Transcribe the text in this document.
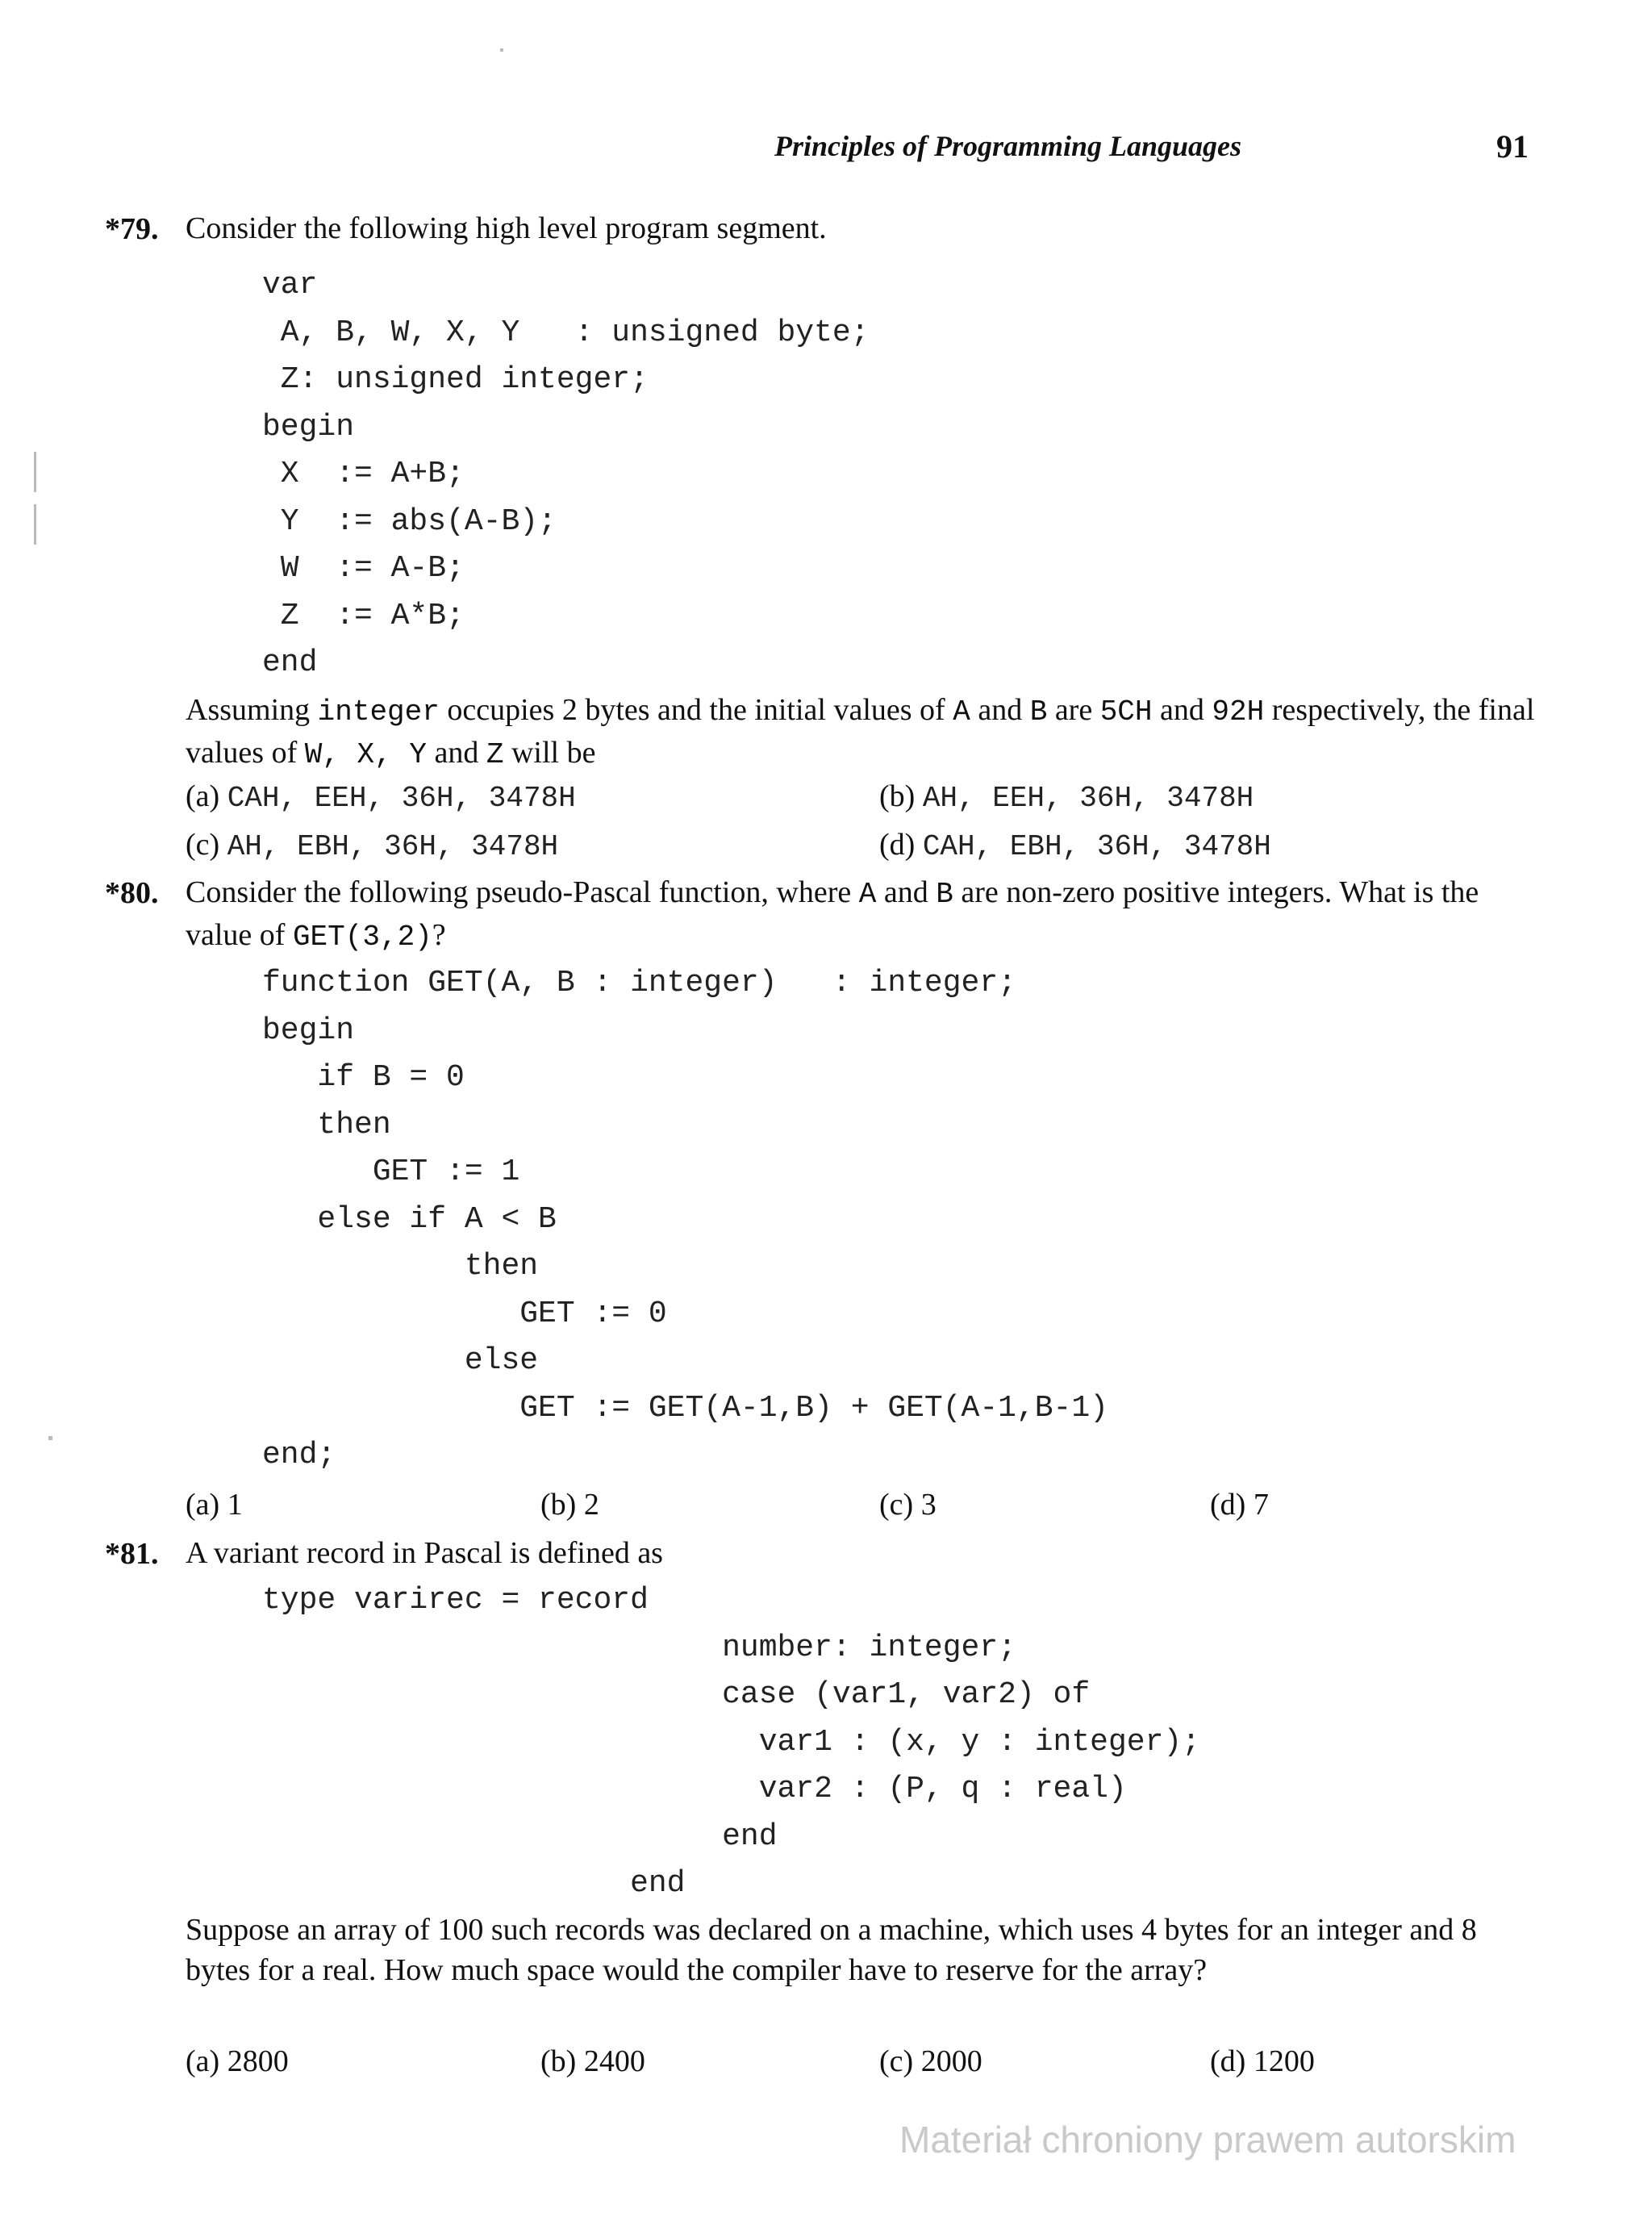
Principles of Programming Languages	91
*79. Consider the following high level program segment.
var
A, B, W, X, Y   : unsigned byte;
Z: unsigned integer;
begin
X  := A+B;
Y  := abs(A-B);
W  := A-B;
Z  := A*B;
end
Assuming integer occupies 2 bytes and the initial values of A and B are 5CH and 92H respectively, the final values of W, X, Y and Z will be
(a) CAH, EEH, 36H, 3478H	(b) AH, EEH, 36H, 3478H
(c) AH, EBH, 36H, 3478H	(d) CAH, EBH, 36H, 3478H
*80. Consider the following pseudo-Pascal function, where A and B are non-zero positive integers. What is the value of GET(3,2)?
function GET(A, B : integer)   : integer;
begin
if B = 0
then
GET := 1
else if A < B
then
GET := 0
else
GET := GET(A-1,B) + GET(A-1,B-1)
end;
(a) 1	(b) 2	(c) 3	(d) 7
*81. A variant record in Pascal is defined as
type varirec = record
number: integer;
case (var1, var2) of
var1 : (x, y : integer);
var2 : (P, q : real)
end
end
Suppose an array of 100 such records was declared on a machine, which uses 4 bytes for an integer and 8 bytes for a real. How much space would the compiler have to reserve for the array?
(a) 2800	(b) 2400	(c) 2000	(d) 1200
Materiał chroniony prawem autorskim
